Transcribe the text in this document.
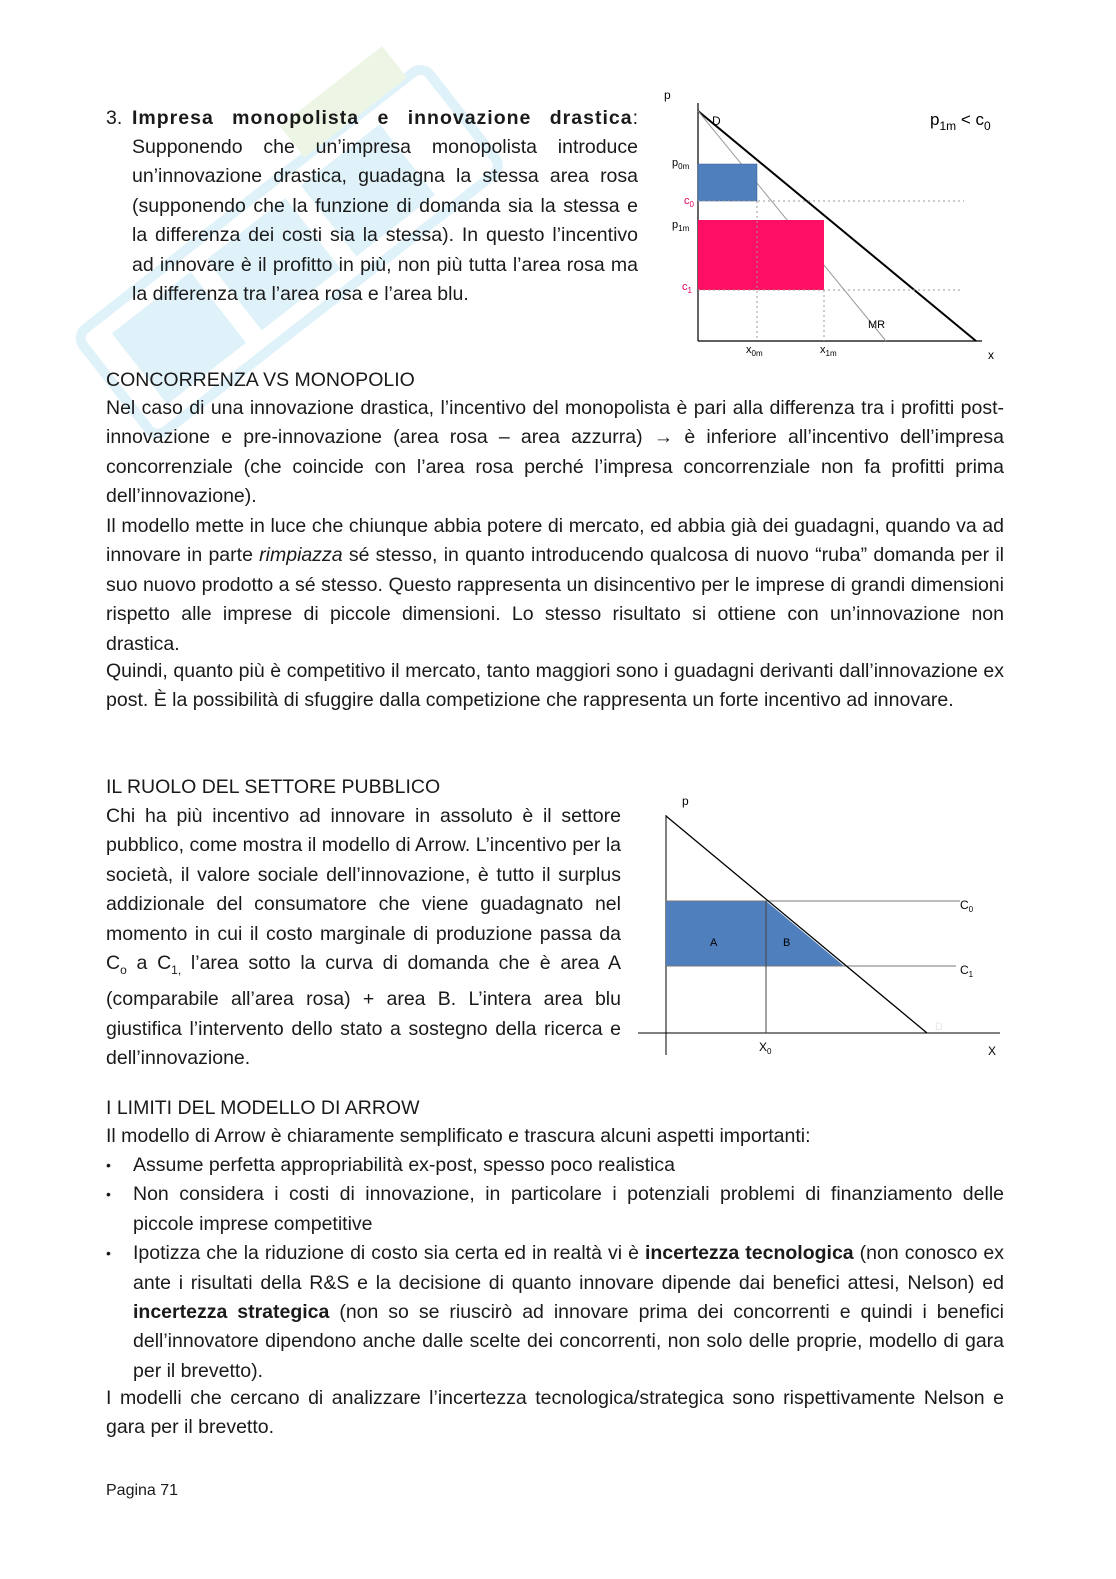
3. Impresa monopolista e innovazione drastica:
Supponendo che un’impresa monopolista introduce un’innovazione drastica, guadagna la stessa area rosa (supponendo che la funzione di domanda sia la stessa e la differenza dei costi sia la stessa). In questo l’incentivo ad innovare è il profitto in più, non più tutta l’area rosa ma la differenza tra l’area rosa e l’area blu.
p
x
D	$p_{1m} < c_0$
$p_{0m}$
$c_0$
$p_{1m}$
$c_1$
MR
$x_{0m}$	$x_{1m}$
CONCORRENZA VS MONOPOLIO
Nel caso di una innovazione drastica, l’incentivo del monopolista è pari alla differenza tra i profitti post-innovazione e pre-innovazione (area rosa – area azzurra) → è inferiore all’incentivo dell’impresa concorrenziale (che coincide con l’area rosa perché l’impresa concorrenziale non fa profitti prima dell’innovazione).
Il modello mette in luce che chiunque abbia potere di mercato, ed abbia già dei guadagni, quando va ad innovare in parte rimpiazza sé stesso, in quanto introducendo qualcosa di nuovo “ruba” domanda per il suo nuovo prodotto a sé stesso. Questo rappresenta un disincentivo per le imprese di grandi dimensioni rispetto alle imprese di piccole dimensioni. Lo stesso risultato si ottiene con un’innovazione non drastica.
Quindi, quanto più è competitivo il mercato, tanto maggiori sono i guadagni derivanti dall’innovazione ex post. È la possibilità di sfuggire dalla competizione che rappresenta un forte incentivo ad innovare.
IL RUOLO DEL SETTORE PUBBLICO
Chi ha più incentivo ad innovare in assoluto è il settore pubblico, come mostra il modello di Arrow. L’incentivo per la società, il valore sociale dell’innovazione, è tutto il surplus addizionale del consumatore che viene guadagnato nel momento in cui il costo marginale di produzione passa da $C_o$ a $C_{1,}$ l’area sotto la curva di domanda che è area A (comparabile all’area rosa) + area B. L’intera area blu giustifica l’intervento dello stato a sostegno della ricerca e dell’innovazione.
p
X
A	B
$C_0$
$C_1$
$X_0$
D
I LIMITI DEL MODELLO DI ARROW
Il modello di Arrow è chiaramente semplificato e trascura alcuni aspetti importanti:
• Assume perfetta appropriabilità ex-post, spesso poco realistica
• Non considera i costi di innovazione, in particolare i potenziali problemi di finanziamento delle piccole imprese competitive
• Ipotizza che la riduzione di costo sia certa ed in realtà vi è incertezza tecnologica (non conosco ex ante i risultati della R&S e la decisione di quanto innovare dipende dai benefici attesi, Nelson) ed incertezza strategica (non so se riuscirò ad innovare prima dei concorrenti e quindi i benefici dell’innovatore dipendono anche dalle scelte dei concorrenti, non solo delle proprie, modello di gara per il brevetto).
I modelli che cercano di analizzare l’incertezza tecnologica/strategica sono rispettivamente Nelson e gara per il brevetto.
Pagina 71
